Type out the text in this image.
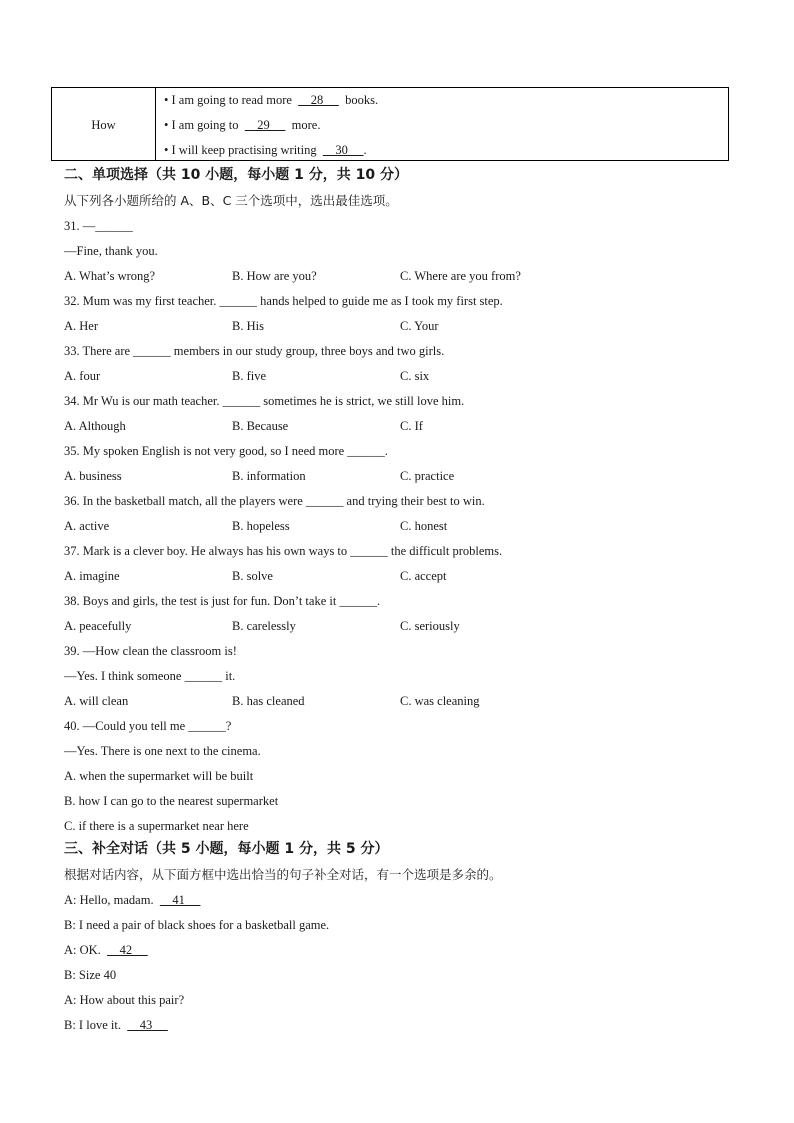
How
• I am going to read more      28       books.
• I am going to      29       more.
• I will keep practising writing      30     .
二、单项选择（共 10 小题，每小题 1 分，共 10 分）
从下列各小题所给的 A、B、C 三个选项中，选出最佳选项。
31. —______
—Fine, thank you.
A. What’s wrong?	B. How are you?	C. Where are you from?
32. Mum was my first teacher. ______ hands helped to guide me as I took my first step.
A. Her	B. His	C. Your
33. There are ______ members in our study group, three boys and two girls.
A. four	B. five	C. six
34. Mr Wu is our math teacher. ______ sometimes he is strict, we still love him.
A. Although	B. Because	C. If
35. My spoken English is not very good, so I need more ______.
A. business	B. information	C. practice
36. In the basketball match, all the players were ______ and trying their best to win.
A. active	B. hopeless	C. honest
37. Mark is a clever boy. He always has his own ways to ______ the difficult problems.
A. imagine	B. solve	C. accept
38. Boys and girls, the test is just for fun. Don’t take it ______.
A. peacefully	B. carelessly	C. seriously
39. —How clean the classroom is!
—Yes. I think someone ______ it.
A. will clean	B. has cleaned	C. was cleaning
40. —Could you tell me ______?
—Yes. There is one next to the cinema.
A. when the supermarket will be built
B. how I can go to the nearest supermarket
C. if there is a supermarket near here
三、补全对话（共 5 小题，每小题 1 分，共 5 分）
根据对话内容，从下面方框中选出恰当的句子补全对话，有一个选项是多余的。
A: Hello, madam.      41
B: I need a pair of black shoes for a basketball game.
A: OK.      42
B: Size 40
A: How about this pair?
B: I love it.      43
